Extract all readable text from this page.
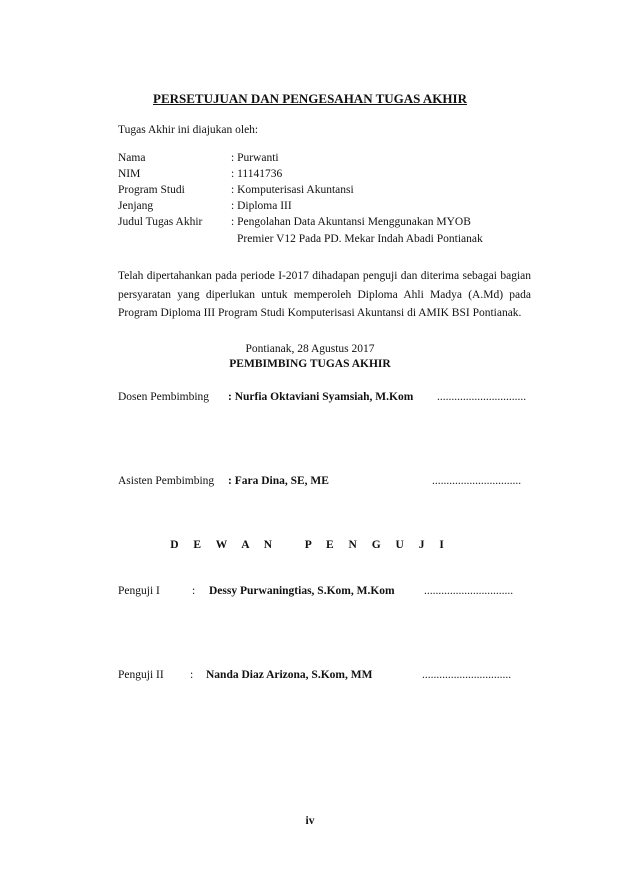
PERSETUJUAN DAN PENGESAHAN TUGAS AKHIR
Tugas Akhir ini diajukan oleh:
Nama	: Purwanti
NIM	: 11141736
Program Studi	: Komputerisasi Akuntansi
Jenjang	: Diploma III
Judul Tugas Akhir : Pengolahan Data Akuntansi Menggunakan MYOB
Premier V12 Pada PD. Mekar Indah Abadi Pontianak
Telah dipertahankan pada periode I-2017 dihadapan penguji dan diterima sebagai bagian persyaratan yang diperlukan untuk memperoleh Diploma Ahli Madya (A.Md) pada Program Diploma III Program Studi Komputerisasi Akuntansi di AMIK BSI Pontianak.
Pontianak, 28 Agustus 2017
PEMBIMBING TUGAS AKHIR
Dosen Pembimbing : Nurfia Oktaviani Syamsiah, M.Kom ...............................
Asisten Pembimbing : Fara Dina, SE, ME	...............................
D E W A N   P E N G U J I
Penguji I	: Dessy Purwaningtias, S.Kom, M.Kom	...............................
Penguji II : Nanda Diaz Arizona, S.Kom, MM	...............................
iv
